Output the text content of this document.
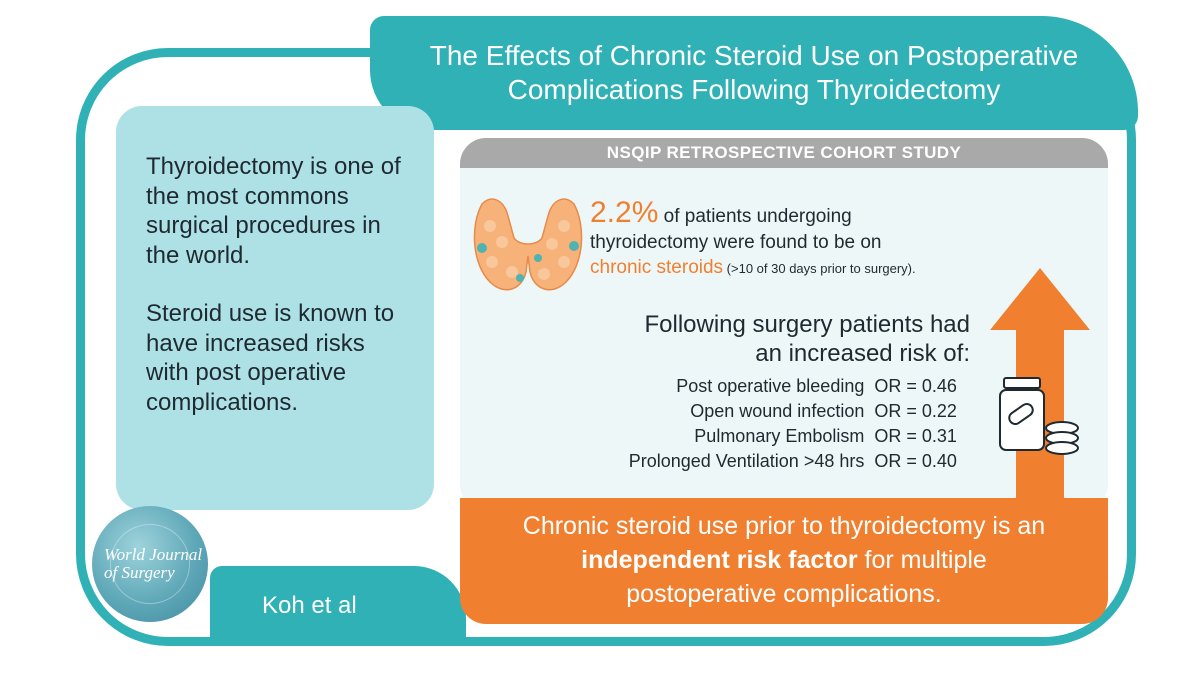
The Effects of Chronic Steroid Use on Postoperative
Complications Following Thyroidectomy

Thyroidectomy is one of the most commons surgical procedures in the world.

Steroid use is known to have increased risks with post operative complications.

World Journal
of Surgery
Koh et al
NSQIP RETROSPECTIVE COHORT STUDY
2.2% of patients undergoing
thyroidectomy were found to be on
chronic steroids (>10 of 30 days prior to surgery).
Following surgery patients had
an increased risk of:
Post operative bleeding	OR = 0.46
Open wound infection	OR = 0.22
Pulmonary Embolism	OR = 0.31
Prolonged Ventilation >48 hrs	OR = 0.40
Chronic steroid use prior to thyroidectomy is an
independent risk factor for multiple
postoperative complications.
